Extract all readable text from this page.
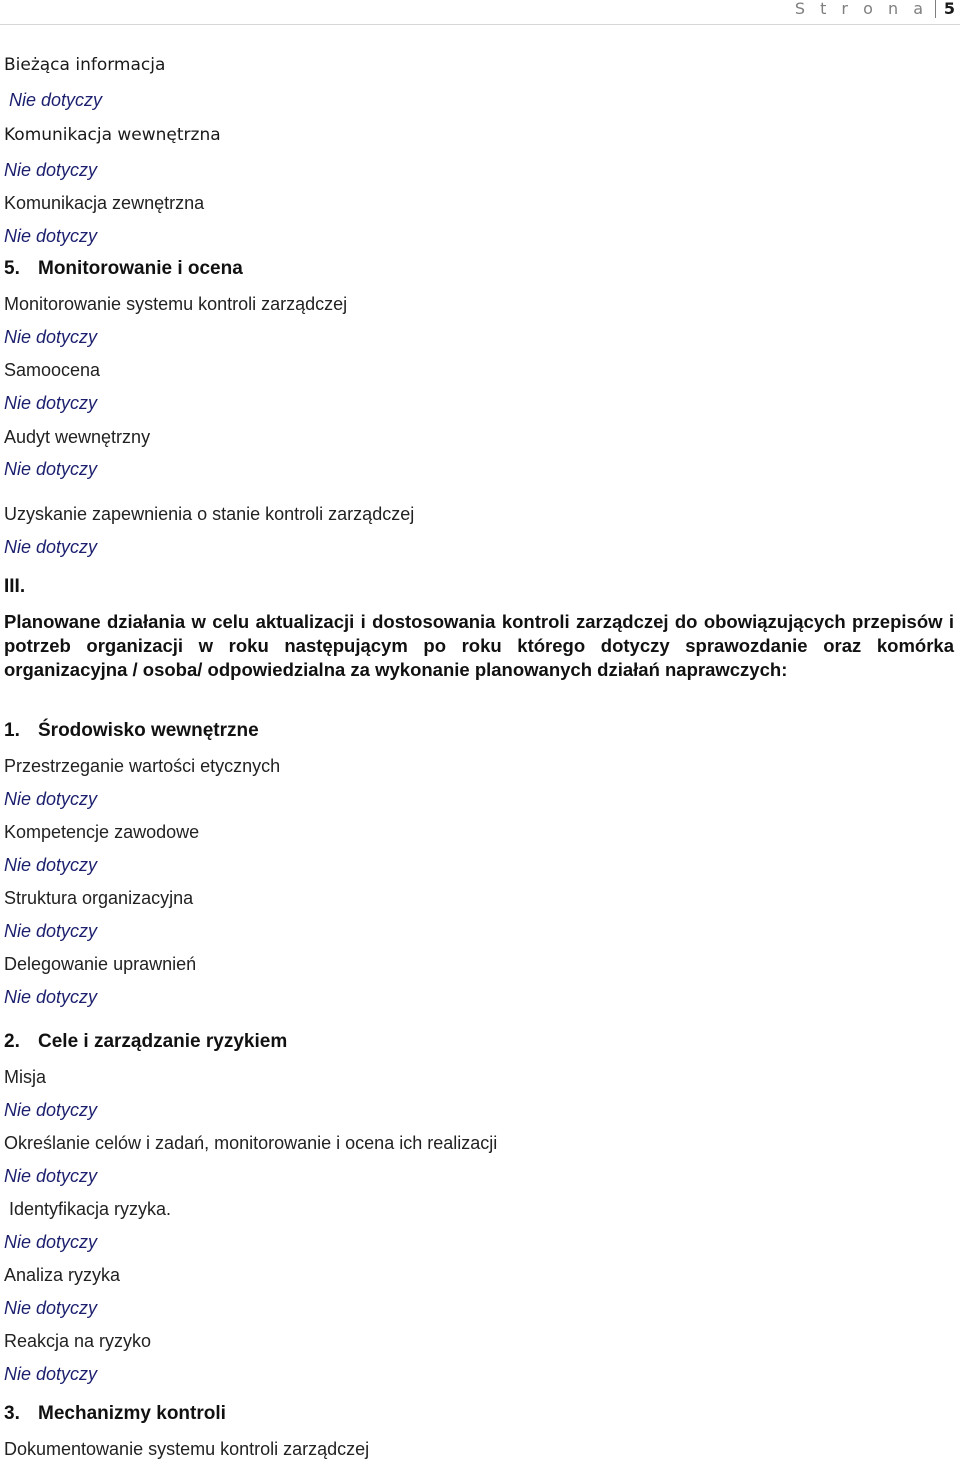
S t r o n a 5
Bieżąca informacja
Nie dotyczy
Komunikacja wewnętrzna
Nie dotyczy
Komunikacja zewnętrzna
Nie dotyczy
5. Monitorowanie i ocena
Monitorowanie systemu kontroli zarządczej
Nie dotyczy
Samoocena
Nie dotyczy
Audyt wewnętrzny
Nie dotyczy
Uzyskanie zapewnienia o stanie kontroli zarządczej
Nie dotyczy
III.
Planowane działania w celu aktualizacji i dostosowania kontroli zarządczej do obowiązujących przepisów i potrzeb organizacji w roku następującym po roku którego dotyczy sprawozdanie oraz komórka organizacyjna / osoba/ odpowiedzialna za wykonanie planowanych działań naprawczych:
1. Środowisko wewnętrzne
Przestrzeganie wartości etycznych
Nie dotyczy
Kompetencje zawodowe
Nie dotyczy
Struktura organizacyjna
Nie dotyczy
Delegowanie uprawnień
Nie dotyczy
2. Cele i zarządzanie ryzykiem
Misja
Nie dotyczy
Określanie celów i zadań, monitorowanie i ocena ich realizacji
Nie dotyczy
Identyfikacja ryzyka.
Nie dotyczy
Analiza ryzyka
Nie dotyczy
Reakcja na ryzyko
Nie dotyczy
3. Mechanizmy kontroli
Dokumentowanie systemu kontroli zarządczej
